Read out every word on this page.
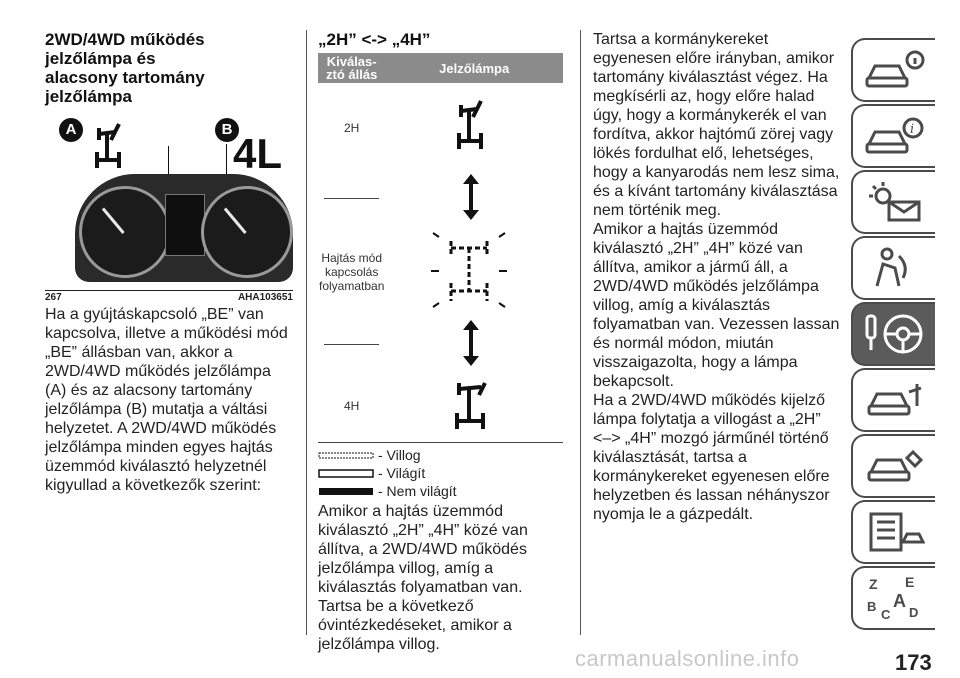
2WD/4WD működés jelzőlámpa és

alacsony tartomány jelzőlámpa

A	B
4L
267	AHA103651

Ha a gyújtáskapcsoló „BE” van kapcsolva, illetve a működési mód „BE” állásban van, akkor a 2WD/4WD működés jelzőlámpa (A) és az alacsony tartomány jelzőlámpa (B) mutatja a váltási helyzetet. A 2WD/4WD működés jelzőlámpa minden egyes hajtás üzemmód kiválasztó helyzetnél kigyullad a következők szerint:

„2H” <-> „4H”

Kiválas-ztó állás	Jelzőlámpa
2H	

Hajtás mód kapcsolás folyamatban	

4H	
- Villog
- Világít
- Nem világít

Amikor a hajtás üzemmód kiválasztó „2H” „4H” közé van állítva, a 2WD/4WD működés jelzőlámpa villog, amíg a kiválasztás folyamatban van. Tartsa be a következő óvintézkedéseket, amikor a jelzőlámpa villog.

Tartsa a kormánykereket egyenesen előre irányban, amikor tartomány kiválasztást végez. Ha megkísérli az, hogy előre halad úgy, hogy a kormánykerék el van fordítva, akkor hajtómű zörej vagy lökés fordulhat elő, lehetséges, hogy a kanyarodás nem lesz sima, és a kívánt tartomány kiválasztása nem történik meg.

Amikor a hajtás üzemmód kiválasztó „2H” „4H” közé van állítva, amikor a jármű áll, a 2WD/4WD működés jelzőlámpa villog, amíg a kiválasztás folyamatban van. Vezessen lassan és normál módon, miután visszaigazolta, hogy a lámpa bekapcsolt.

Ha a 2WD/4WD működés kijelző lámpa folytatja a villogást a „2H” <–> „4H” mozgó járműnél történő kiválasztását, tartsa a kormánykereket egyenesen előre helyzetben és lassan néhányszor nyomja le a gázpedált.

i
Z E
B
C
A
D
carmanualsonline.info	173
